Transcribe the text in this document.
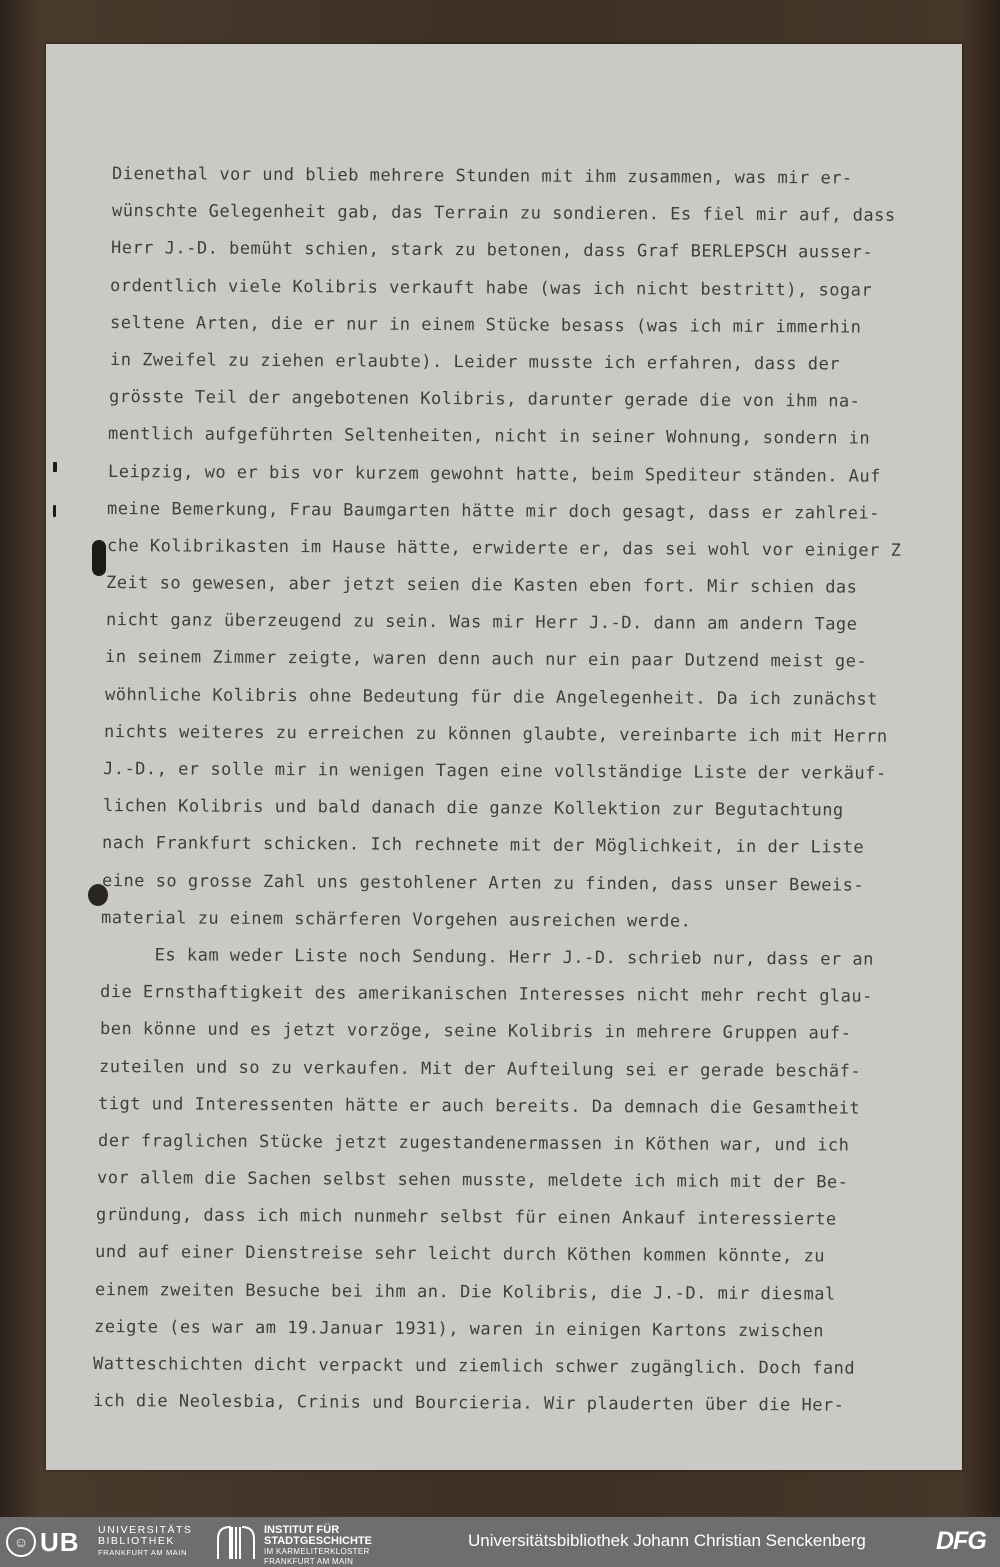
Dienethal vor und blieb mehrere Stunden mit ihm zusammen, was mir er-
wünschte Gelegenheit gab, das Terrain zu sondieren. Es fiel mir auf, dass
Herr J.-D. bemüht schien, stark zu betonen, dass Graf BERLEPSCH ausser-
ordentlich viele Kolibris verkauft habe (was ich nicht bestritt), sogar
seltene Arten, die er nur in einem Stücke besass (was ich mir immerhin
in Zweifel zu ziehen erlaubte). Leider musste ich erfahren, dass der
grösste Teil der angebotenen Kolibris, darunter gerade die von ihm na-
mentlich aufgeführten Seltenheiten, nicht in seiner Wohnung, sondern in
Leipzig, wo er bis vor kurzem gewohnt hatte, beim Spediteur ständen. Auf
meine Bemerkung, Frau Baumgarten hätte mir doch gesagt, dass er zahlrei-
che Kolibrikasten im Hause hätte, erwiderte er, das sei wohl vor einiger Z
Zeit so gewesen, aber jetzt seien die Kasten eben fort. Mir schien das
nicht ganz überzeugend zu sein. Was mir Herr J.-D. dann am andern Tage
in seinem Zimmer zeigte, waren denn auch nur ein paar Dutzend meist ge-
wöhnliche Kolibris ohne Bedeutung für die Angelegenheit. Da ich zunächst
nichts weiteres zu erreichen zu können glaubte, vereinbarte ich mit Herrn
J.-D., er solle mir in wenigen Tagen eine vollständige Liste der verkäuf-
lichen Kolibris und bald danach die ganze Kollektion zur Begutachtung
nach Frankfurt schicken. Ich rechnete mit der Möglichkeit, in der Liste
eine so grosse Zahl uns gestohlener Arten zu finden, dass unser Beweis-
material zu einem schärferen Vorgehen ausreichen werde.
Es kam weder Liste noch Sendung. Herr J.-D. schrieb nur, dass er an
die Ernsthaftigkeit des amerikanischen Interesses nicht mehr recht glau-
ben könne und es jetzt vorzöge, seine Kolibris in mehrere Gruppen auf-
zuteilen und so zu verkaufen. Mit der Aufteilung sei er gerade beschäf-
tigt und Interessenten hätte er auch bereits. Da demnach die Gesamtheit
der fraglichen Stücke jetzt zugestandenermassen in Köthen war, und ich
vor allem die Sachen selbst sehen musste, meldete ich mich mit der Be-
gründung, dass ich mich nunmehr selbst für einen Ankauf interessierte
und auf einer Dienstreise sehr leicht durch Köthen kommen könnte, zu
einem zweiten Besuche bei ihm an. Die Kolibris, die J.-D. mir diesmal
zeigte (es war am 19.Januar 1931), waren in einigen Kartons zwischen
Watteschichten dicht verpackt und ziemlich schwer zugänglich. Doch fand
ich die Neolesbia, Crinis und Bourcieria. Wir plauderten über die Her-
☺ UB UNIVERSITÄTS
BIBLIOTHEK
FRANKFURT AM MAIN
INSTITUT FÜR
STADTGESCHICHTE
IM KARMELITERKLOSTER
FRANKFURT AM MAIN
Universitätsbibliothek Johann Christian Senckenberg	DFG
